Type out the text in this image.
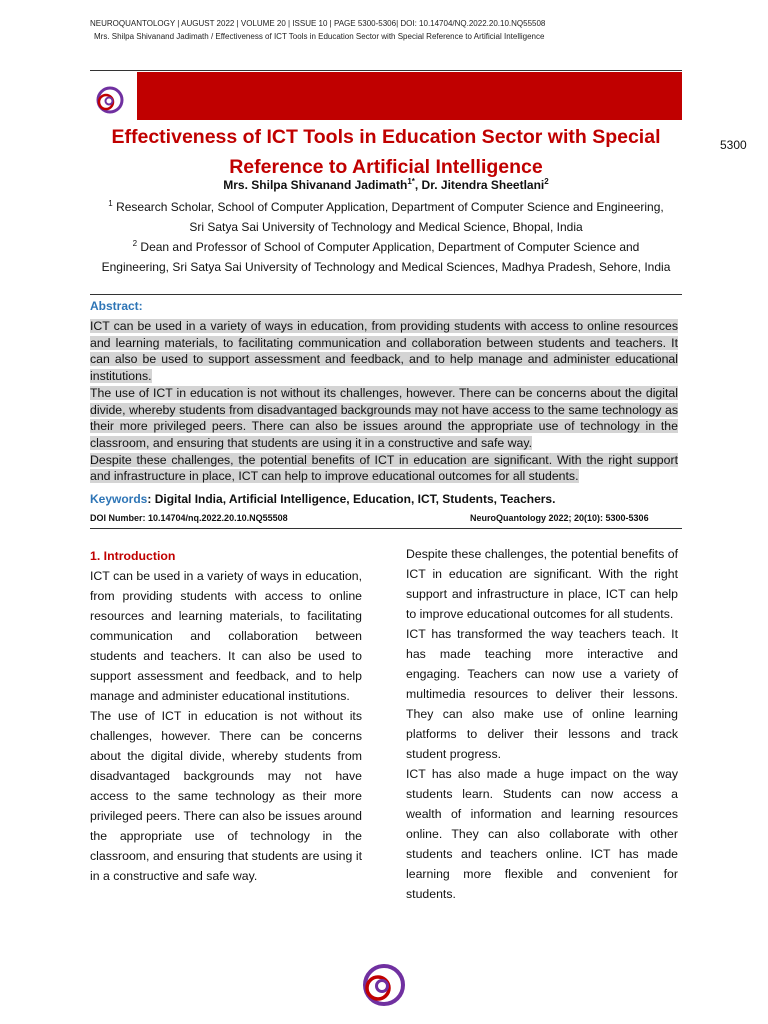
NEUROQUANTOLOGY | AUGUST 2022 | VOLUME 20 | ISSUE 10 | PAGE 5300-5306| DOI: 10.14704/NQ.2022.20.10.NQ55508
Mrs. Shilpa Shivanand Jadimath / Effectiveness of ICT Tools in Education Sector with Special Reference to Artificial Intelligence
Effectiveness of ICT Tools in Education Sector with Special
Reference to Artificial Intelligence
5300
Mrs. Shilpa Shivanand Jadimath$^{1*}$, Dr. Jitendra Sheetlani$^2$
$^1$ Research Scholar, School of Computer Application, Department of Computer Science and Engineering,
Sri Satya Sai University of Technology and Medical Science, Bhopal, India
$^2$ Dean and Professor of School of Computer Application, Department of Computer Science and
Engineering, Sri Satya Sai University of Technology and Medical Sciences, Madhya Pradesh, Sehore, India
Abstract:

ICT can be used in a variety of ways in education, from providing students with access to online resources and learning materials, to facilitating communication and collaboration between students and teachers. It can also be used to support assessment and feedback, and to help manage and administer educational institutions.

The use of ICT in education is not without its challenges, however. There can be concerns about the digital divide, whereby students from disadvantaged backgrounds may not have access to the same technology as their more privileged peers. There can also be issues around the appropriate use of technology in the classroom, and ensuring that students are using it in a constructive and safe way.

Despite these challenges, the potential benefits of ICT in education are significant. With the right support and infrastructure in place, ICT can help to improve educational outcomes for all students.

Keywords: Digital India, Artificial Intelligence, Education, ICT, Students, Teachers.
DOI Number: 10.14704/nq.2022.20.10.NQ55508	NeuroQuantology 2022; 20(10): 5300-5306

1. Introduction

ICT can be used in a variety of ways in education, from providing students with access to online resources and learning materials, to facilitating communication and collaboration between students and teachers. It can also be used to support assessment and feedback, and to help manage and administer educational institutions.

The use of ICT in education is not without its challenges, however. There can be concerns about the digital divide, whereby students from disadvantaged backgrounds may not have access to the same technology as their more privileged peers. There can also be issues around the appropriate use of technology in the classroom, and ensuring that students are using it in a constructive and safe way.

Despite these challenges, the potential benefits of ICT in education are significant. With the right support and infrastructure in place, ICT can help to improve educational outcomes for all students.

ICT has transformed the way teachers teach. It has made teaching more interactive and engaging. Teachers can now use a variety of multimedia resources to deliver their lessons. They can also make use of online learning platforms to deliver their lessons and track student progress.

ICT has also made a huge impact on the way students learn. Students can now access a wealth of information and learning resources online. They can also collaborate with other students and teachers online. ICT has made learning more flexible and convenient for students.
